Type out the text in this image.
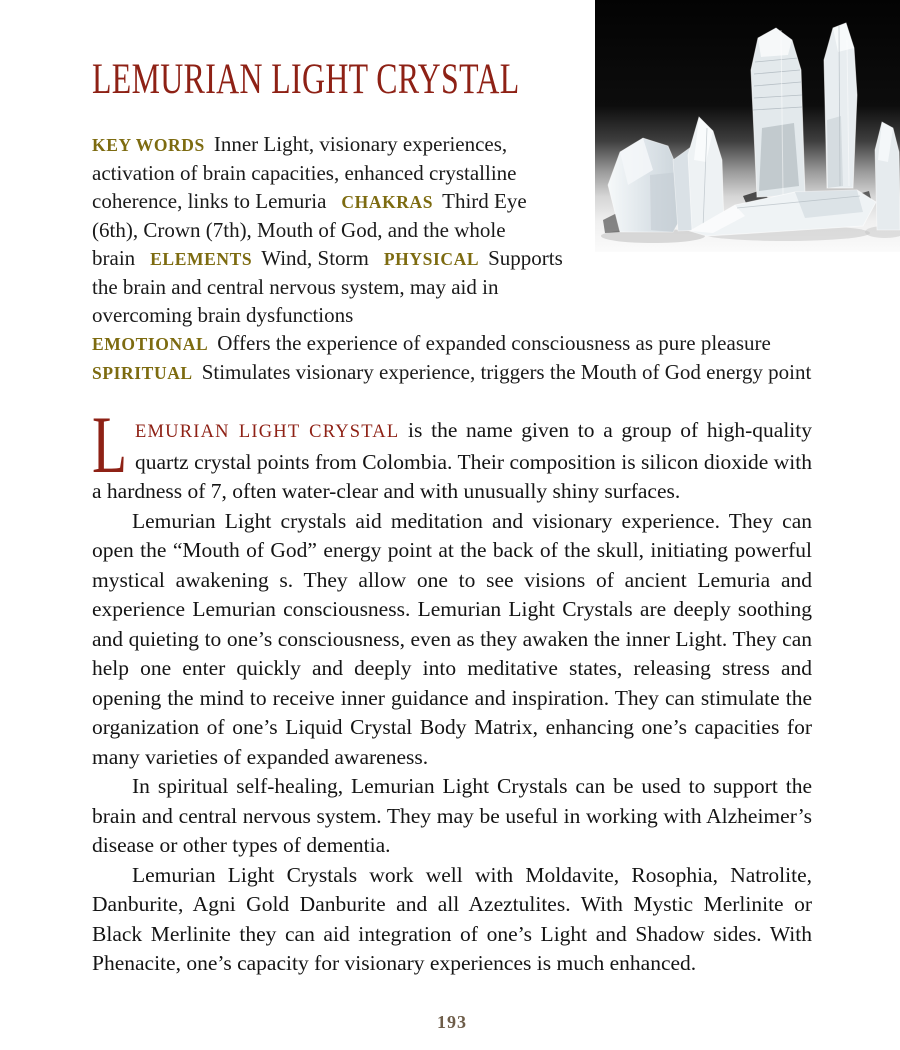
LEMURIAN LIGHT CRYSTAL

KEY WORDS Inner Light, visionary experiences, activation of brain capacities, enhanced crystalline coherence, links to Lemuria CHAKRAS Third Eye (6th), Crown (7th), Mouth of God, and the whole brain ELEMENTS Wind, Storm PHYSICAL Supports the brain and central nervous system, may aid in overcoming brain dysfunctions
EMOTIONAL Offers the experience of expanded consciousness as pure pleasure
SPIRITUAL Stimulates visionary experience, triggers the Mouth of God energy point

LEMURIAN LIGHT CRYSTAL is the name given to a group of high-quality quartz crystal points from Colombia. Their composition is silicon dioxide with a hardness of 7, often water-clear and with unusually shiny surfaces.

Lemurian Light crystals aid meditation and visionary experience. They can open the “Mouth of God” energy point at the back of the skull, initiating powerful mystical awakening s. They allow one to see visions of ancient Lemuria and experience Lemurian consciousness. Lemurian Light Crystals are deeply soothing and quieting to one’s consciousness, even as they awaken the inner Light. They can help one enter quickly and deeply into meditative states, releasing stress and opening the mind to receive inner guidance and inspiration. They can stimulate the organization of one’s Liquid Crystal Body Matrix, enhancing one’s capacities for many varieties of expanded awareness.

In spiritual self-healing, Lemurian Light Crystals can be used to support the brain and central nervous system. They may be useful in working with Alzheimer’s disease or other types of dementia.

Lemurian Light Crystals work well with Moldavite, Rosophia, Natrolite, Danburite, Agni Gold Danburite and all Azeztulites. With Mystic Merlinite or Black Merlinite they can aid integration of one’s Light and Shadow sides. With Phenacite, one’s capacity for visionary experiences is much enhanced.

193
